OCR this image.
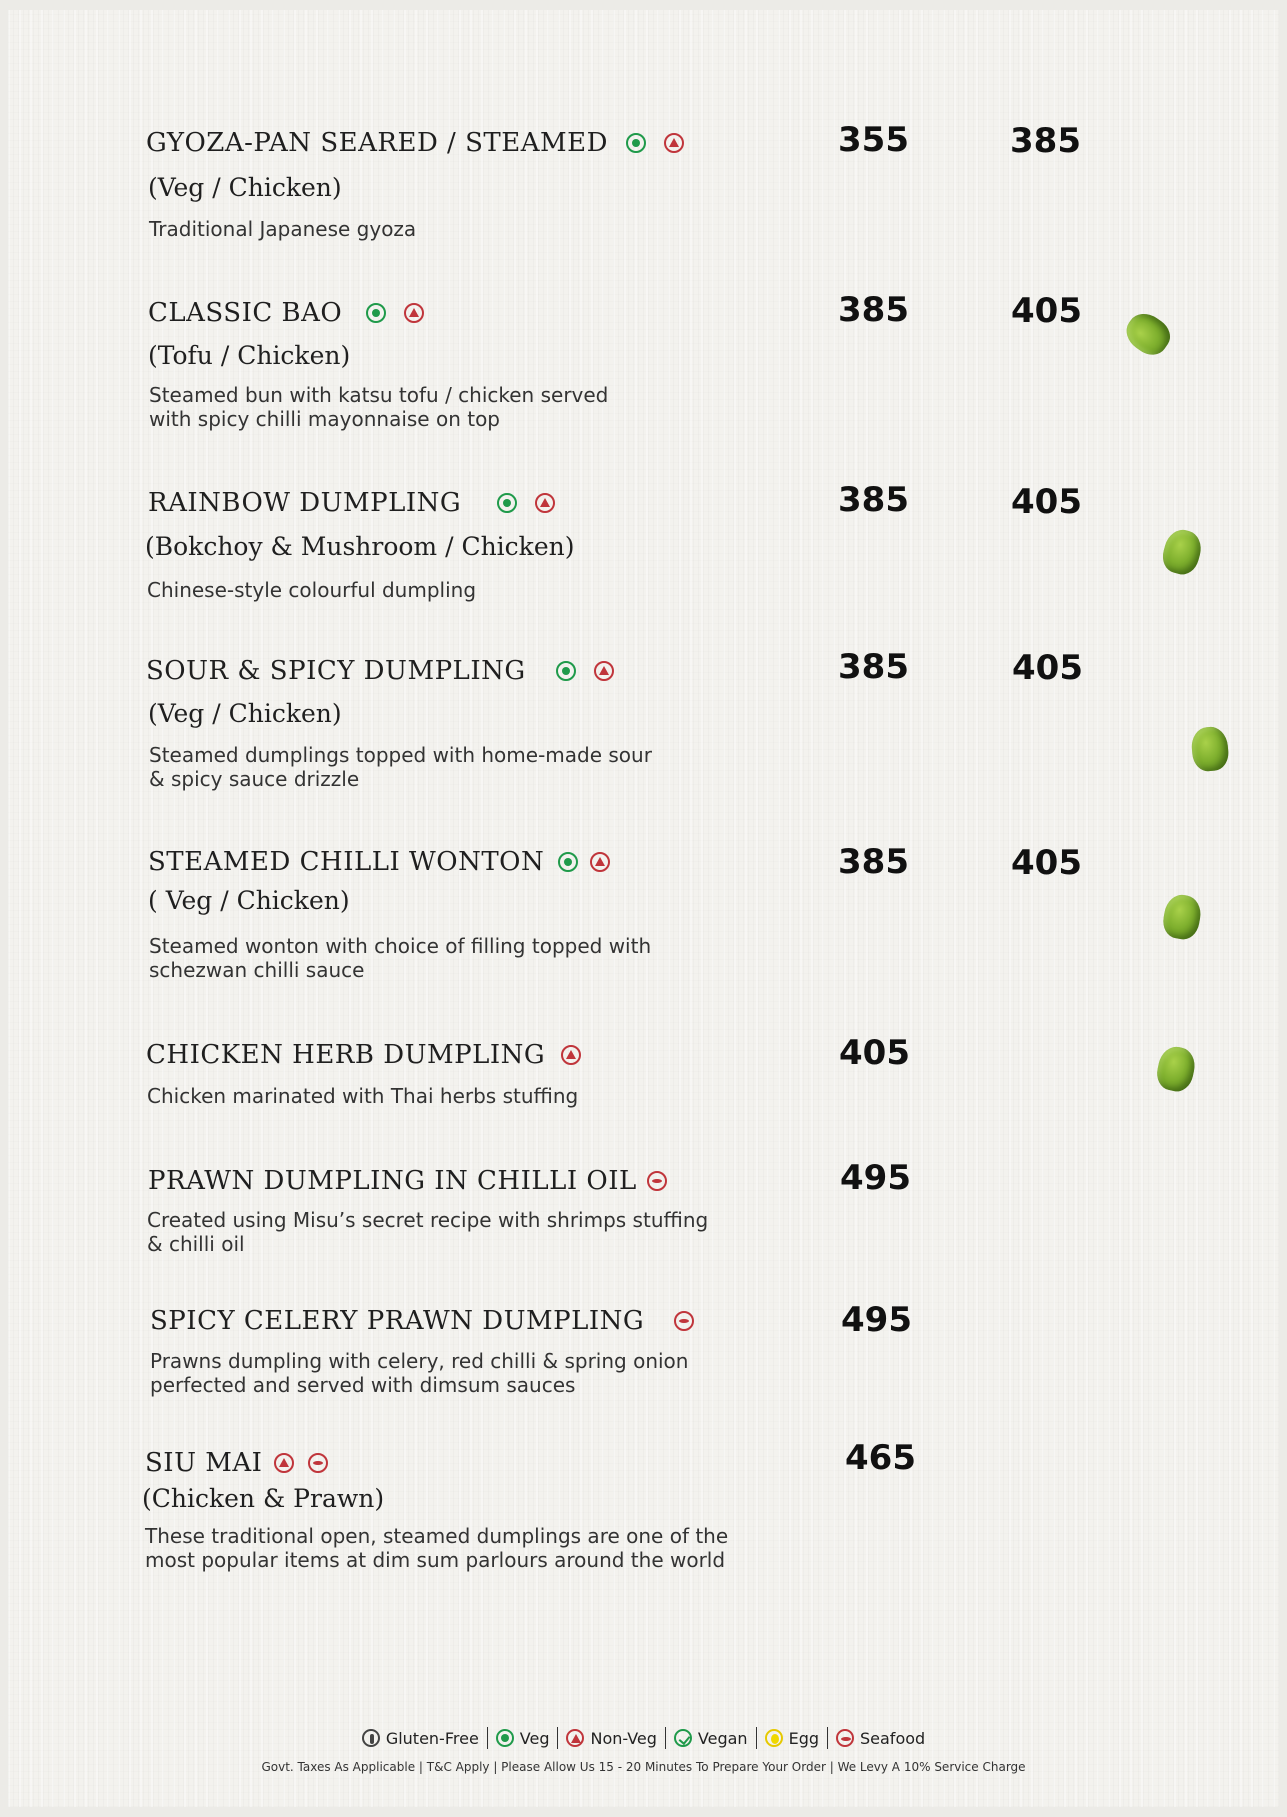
GYOZA-PAN SEARED / STEAMED
(Veg / Chicken)
Traditional Japanese gyoza
355	385
CLASSIC BAO
(Tofu / Chicken)
Steamed bun with katsu tofu / chicken served
with spicy chilli mayonnaise on top
385	405
RAINBOW DUMPLING
(Bokchoy & Mushroom / Chicken)
Chinese-style colourful dumpling
385	405
SOUR & SPICY DUMPLING
(Veg / Chicken)
Steamed dumplings topped with home-made sour
& spicy sauce drizzle
385	405
STEAMED CHILLI WONTON
( Veg / Chicken)
Steamed wonton with choice of filling topped with
schezwan chilli sauce
385	405
CHICKEN HERB DUMPLING
Chicken marinated with Thai herbs stuffing
405
PRAWN DUMPLING IN CHILLI OIL
Created using Misu’s secret recipe with shrimps stuffing
& chilli oil
495
SPICY CELERY PRAWN DUMPLING
Prawns dumpling with celery, red chilli & spring onion
perfected and served with dimsum sauces
495
SIU MAI
(Chicken & Prawn)
These traditional open, steamed dumplings are one of the
most popular items at dim sum parlours around the world
465
Gluten-Free	Veg	Non-Veg	Vegan	Egg	Seafood
Govt. Taxes As Applicable | T&C Apply | Please Allow Us 15 - 20 Minutes To Prepare Your Order | We Levy A 10% Service Charge
